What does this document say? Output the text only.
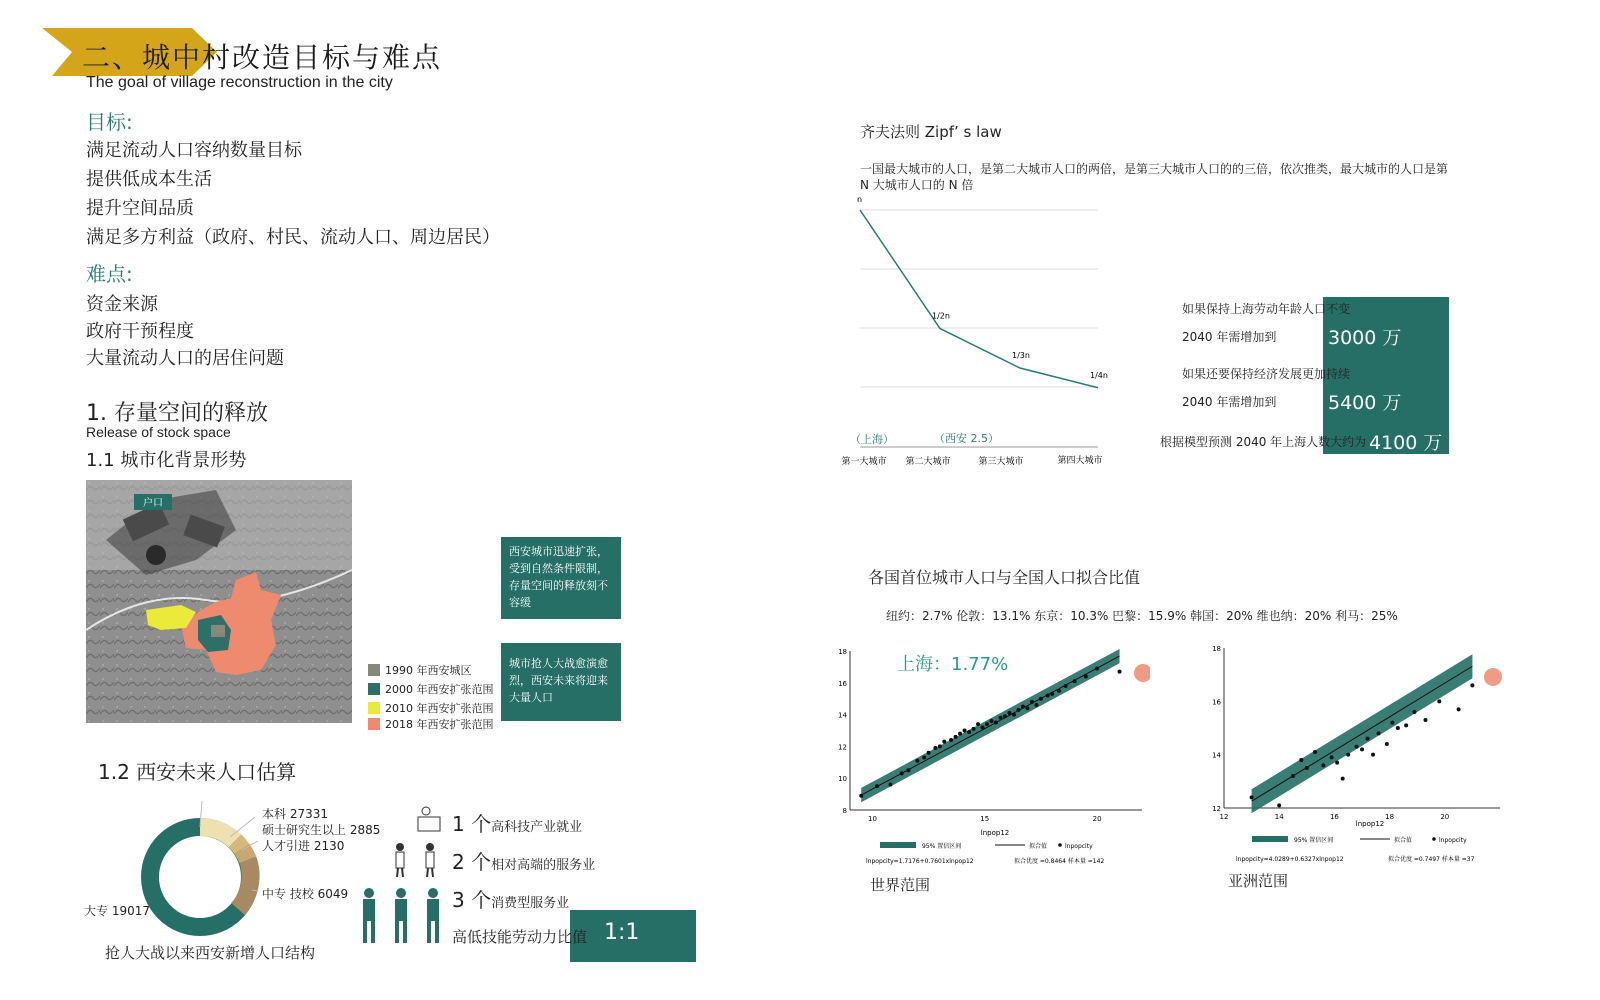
二、城中村改造目标与难点
The goal of village reconstruction in the city
目标:
满足流动人口容纳数量目标
提供低成本生活
提升空间品质
满足多方利益（政府、村民、流动人口、周边居民）
难点:
资金来源
政府干预程度
大量流动人口的居住问题
1. 存量空间的释放
Release of stock space
1.1 城市化背景形势
户口
1990 年西安城区
2000 年西安扩张范围
2010 年西安扩张范围
2018 年西安扩张范围
西安城市迅速扩张，受到自然条件限制，存量空间的释放刻不容缓
城市抢人大战愈演愈烈，西安未来将迎来大量人口
1.2 西安未来人口估算
本科 27331
硕士研究生以上 2885
人才引进 2130
中专 技校 6049
大专 19017
抢人大战以来西安新增人口结构
1 个高科技产业就业
2 个相对高端的服务业
3 个消费型服务业
高低技能劳动力比值 1:1
齐夫法则 Zipf’ s law
一国最大城市的人口，是第二大城市人口的两倍，是第三大城市人口的的三倍，依次推类，最大城市的人口是第 N 大城市人口的 N 倍
n
1/2n
1/3n
1/4n
（上海）	（西安 2.5）
第一大城市 第二大城市	第三大城市	第四大城市
如果保持上海劳动年龄人口不变
2040 年需增加到	3000 万
如果还要保持经济发展更加持续
2040 年需增加到	5400 万
根据模型预测 2040 年上海人数大约为 4100 万
各国首位城市人口与全国人口拟合比值
纽约：2.7% 伦敦：13.1% 东京：10.3% 巴黎：15.9% 韩国：20% 维也纳：20% 利马：25%
上海：1.77%
10	15	20
8
10
12
14
16
18
lnpop12
95% 置信区间	拟合值	lnpopcity
lnpopcity=1.7176+0.7601xlnpop12	拟合优度 =0.8464 样本量 =142
世界范围
12	14	16	18	20
12
14
16
18
lnpop12
95% 置信区间	拟合值	lnpopcity
lnpopcity=4.0289+0.6327xlnpop12	拟合优度 =0.7497 样本量 =37
亚洲范围
